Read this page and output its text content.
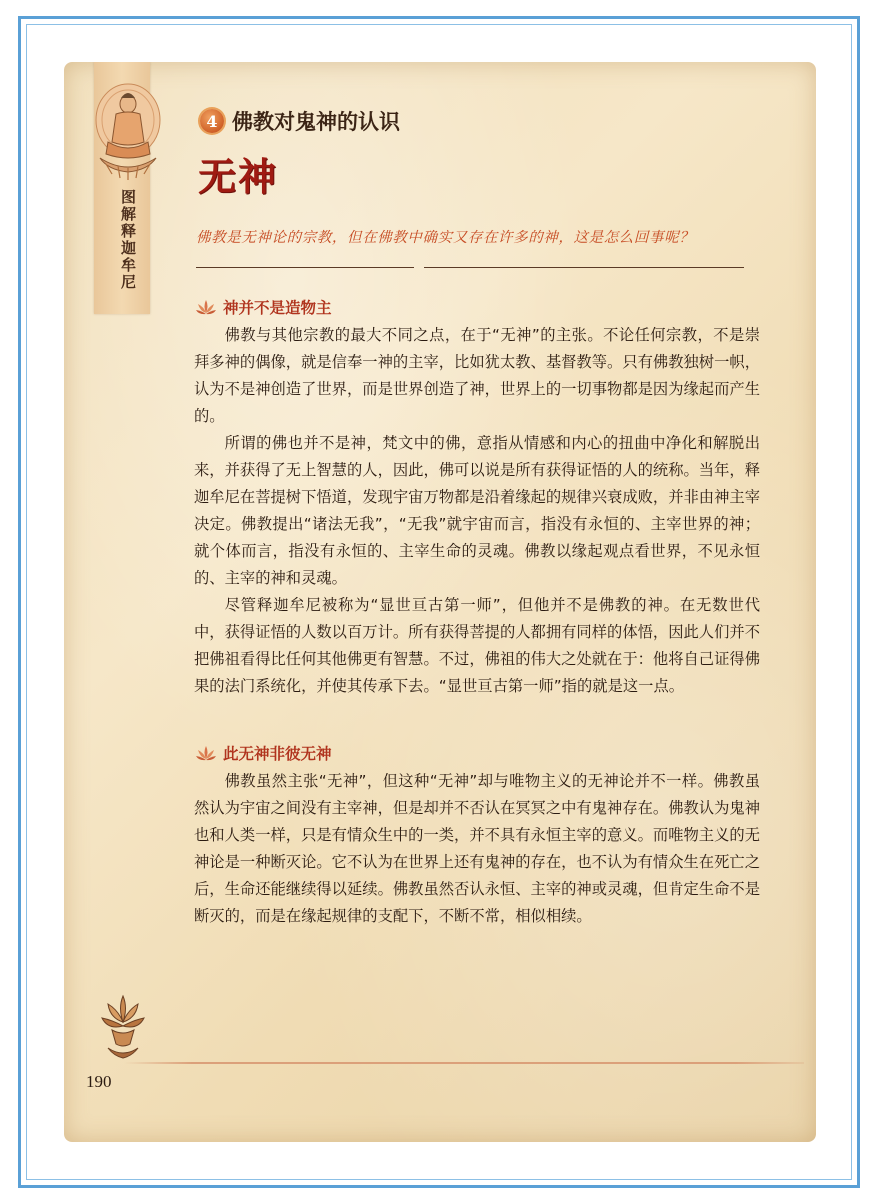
图解释迦牟尼
4 佛教对鬼神的认识
无神
佛教是无神论的宗教，但在佛教中确实又存在许多的神，这是怎么回事呢？
神并不是造物主

佛教与其他宗教的最大不同之点，在于“无神”的主张。不论任何宗教，不是崇拜多神的偶像，就是信奉一神的主宰，比如犹太教、基督教等。只有佛教独树一帜，认为不是神创造了世界，而是世界创造了神，世界上的一切事物都是因为缘起而产生的。

所谓的佛也并不是神，梵文中的佛，意指从情感和内心的扭曲中净化和解脱出来，并获得了无上智慧的人，因此，佛可以说是所有获得证悟的人的统称。当年，释迦牟尼在菩提树下悟道，发现宇宙万物都是沿着缘起的规律兴衰成败，并非由神主宰决定。佛教提出“诸法无我”，“无我”就宇宙而言，指没有永恒的、主宰世界的神；就个体而言，指没有永恒的、主宰生命的灵魂。佛教以缘起观点看世界，不见永恒的、主宰的神和灵魂。

尽管释迦牟尼被称为“显世亘古第一师”，但他并不是佛教的神。在无数世代中，获得证悟的人数以百万计。所有获得菩提的人都拥有同样的体悟，因此人们并不把佛祖看得比任何其他佛更有智慧。不过，佛祖的伟大之处就在于：他将自己证得佛果的法门系统化，并使其传承下去。“显世亘古第一师”指的就是这一点。

此无神非彼无神

佛教虽然主张“无神”，但这种“无神”却与唯物主义的无神论并不一样。佛教虽然认为宇宙之间没有主宰神，但是却并不否认在冥冥之中有鬼神存在。佛教认为鬼神也和人类一样，只是有情众生中的一类，并不具有永恒主宰的意义。而唯物主义的无神论是一种断灭论。它不认为在世界上还有鬼神的存在，也不认为有情众生在死亡之后，生命还能继续得以延续。佛教虽然否认永恒、主宰的神或灵魂，但肯定生命不是断灭的，而是在缘起规律的支配下，不断不常，相似相续。

190
